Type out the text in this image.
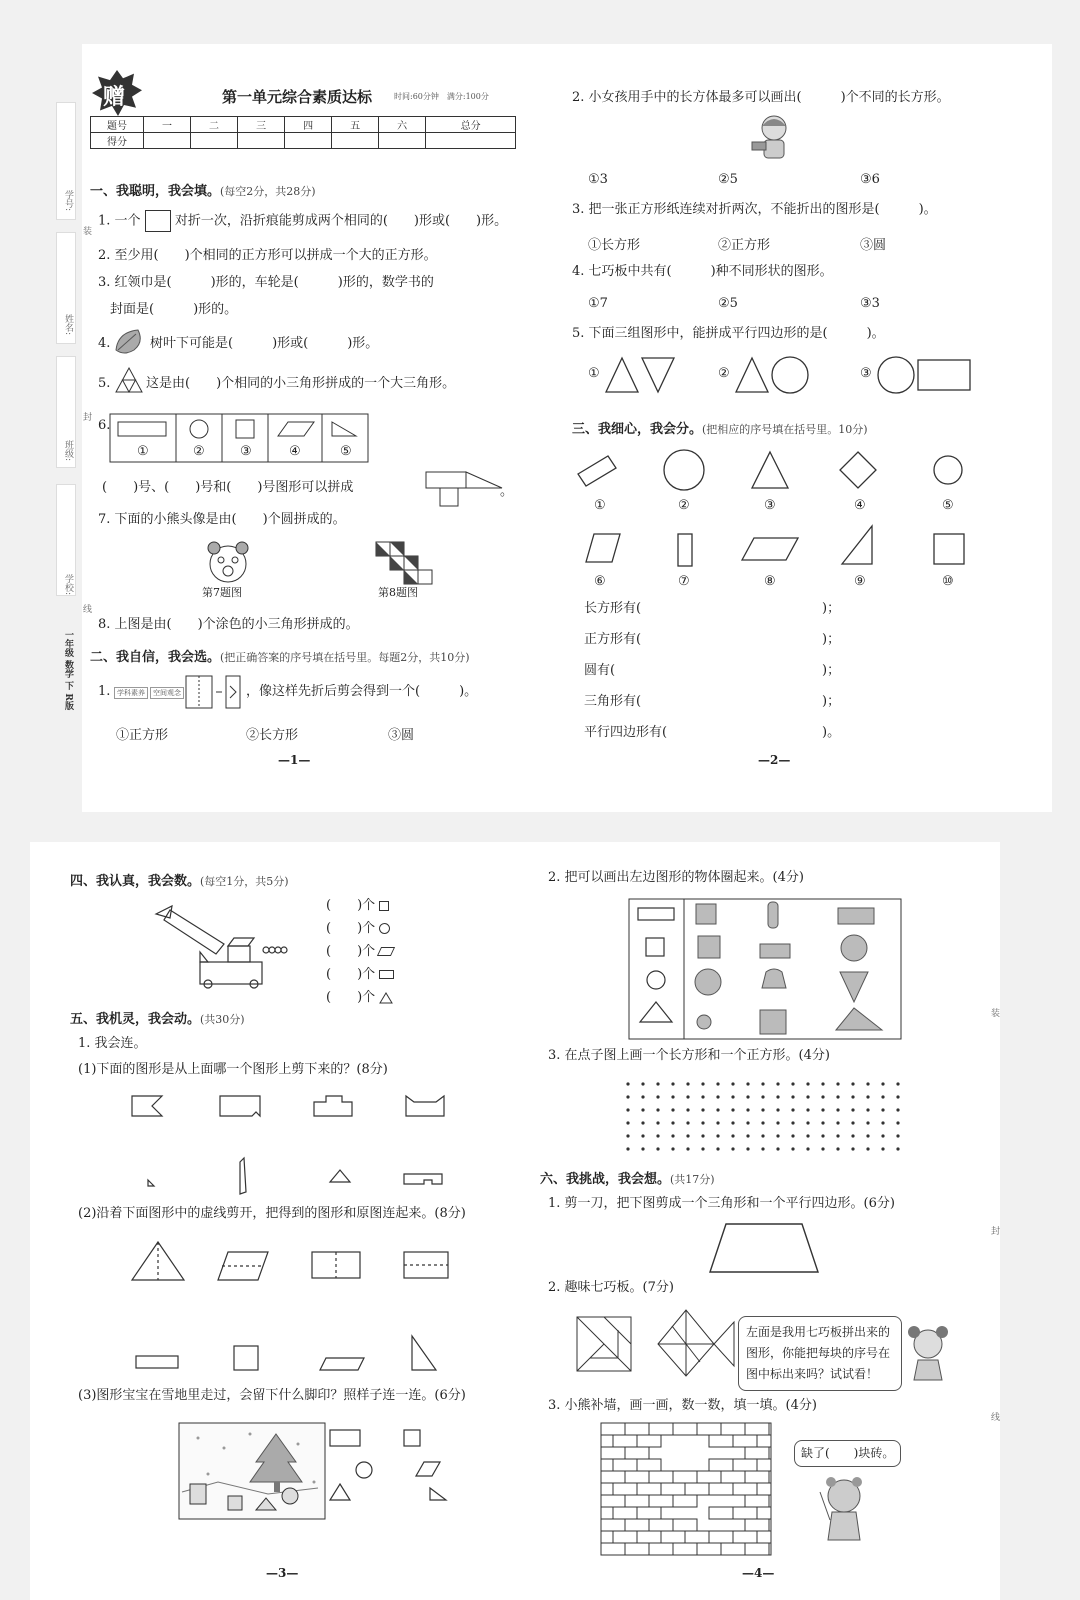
赠	第一单元综合素质达标	时间:60分钟　满分:100分
题号	一	二	三	四	五	六	总分
得分							
一、我聪明，我会填。(每空2分，共28分)
1. 一个	对折一次，沿折痕能剪成两个相同的(　　)形或(　　)形。
2. 至少用(　　)个相同的正方形可以拼成一个大的正方形。
3. 红领巾是(　　　)形的，车轮是(　　　)形的，数学书的
封面是(　　　)形的。
4.	树叶下可能是(　　　)形或(　　　)形。
5.	这是由(　　)个相同的小三角形拼成的一个大三角形。
6.
①	②	③	④	⑤
(　　)号、(　　)号和(　　)号图形可以拼成	。
7. 下面的小熊头像是由(　　)个圆拼成的。
第7题图	第8题图
8. 上图是由(　　)个涂色的小三角形拼成的。
二、我自信，我会选。(把正确答案的序号填在括号里。每题2分，共10分)
1. 学科素养	空间观念	，像这样先折后剪会得到一个(　　　)。
①正方形	②长方形	③圆
—1—
2. 小女孩用手中的长方体最多可以画出(　　　)个不同的长方形。
①3	②5	③6
3. 把一张正方形纸连续对折两次，不能折出的图形是(　　　)。
①长方形	②正方形	③圆
4. 七巧板中共有(　　　)种不同形状的图形。
①7	②5	③3
5. 下面三组图形中，能拼成平行四边形的是(　　　)。
①	②	③
三、我细心，我会分。(把相应的序号填在括号里。10分)
①	②	③	④	⑤
⑥	⑦	⑧	⑨	⑩
长方形有(	)；
正方形有(	)；
圆有(	)；
三角形有(	)；
平行四边形有(	)。
—2—
学号:
姓名:
班级:
学校:
装
封
线
一年级 数学 下 R版
四、我认真，我会数。(每空1分，共5分)
(　　)个
(　　)个
(　　)个
(　　)个
(　　)个
五、我机灵，我会动。(共30分)
1. 我会连。
(1)下面的图形是从上面哪一个图形上剪下来的？(8分)
(2)沿着下面图形中的虚线剪开，把得到的图形和原图连起来。(8分)
(3)图形宝宝在雪地里走过，会留下什么脚印？照样子连一连。(6分)
—3—
2. 把可以画出左边图形的物体圈起来。(4分)
3. 在点子图上画一个长方形和一个正方形。(4分)
六、我挑战，我会想。(共17分)
1. 剪一刀，把下图剪成一个三角形和一个平行四边形。(6分)
2. 趣味七巧板。(7分)
左面是我用七巧板拼出来的
图形，你能把每块的序号在
图中标出来吗？试试看！
3. 小熊补墙，画一画，数一数，填一填。(4分)
缺了(　　)块砖。
—4—
装
封
线
